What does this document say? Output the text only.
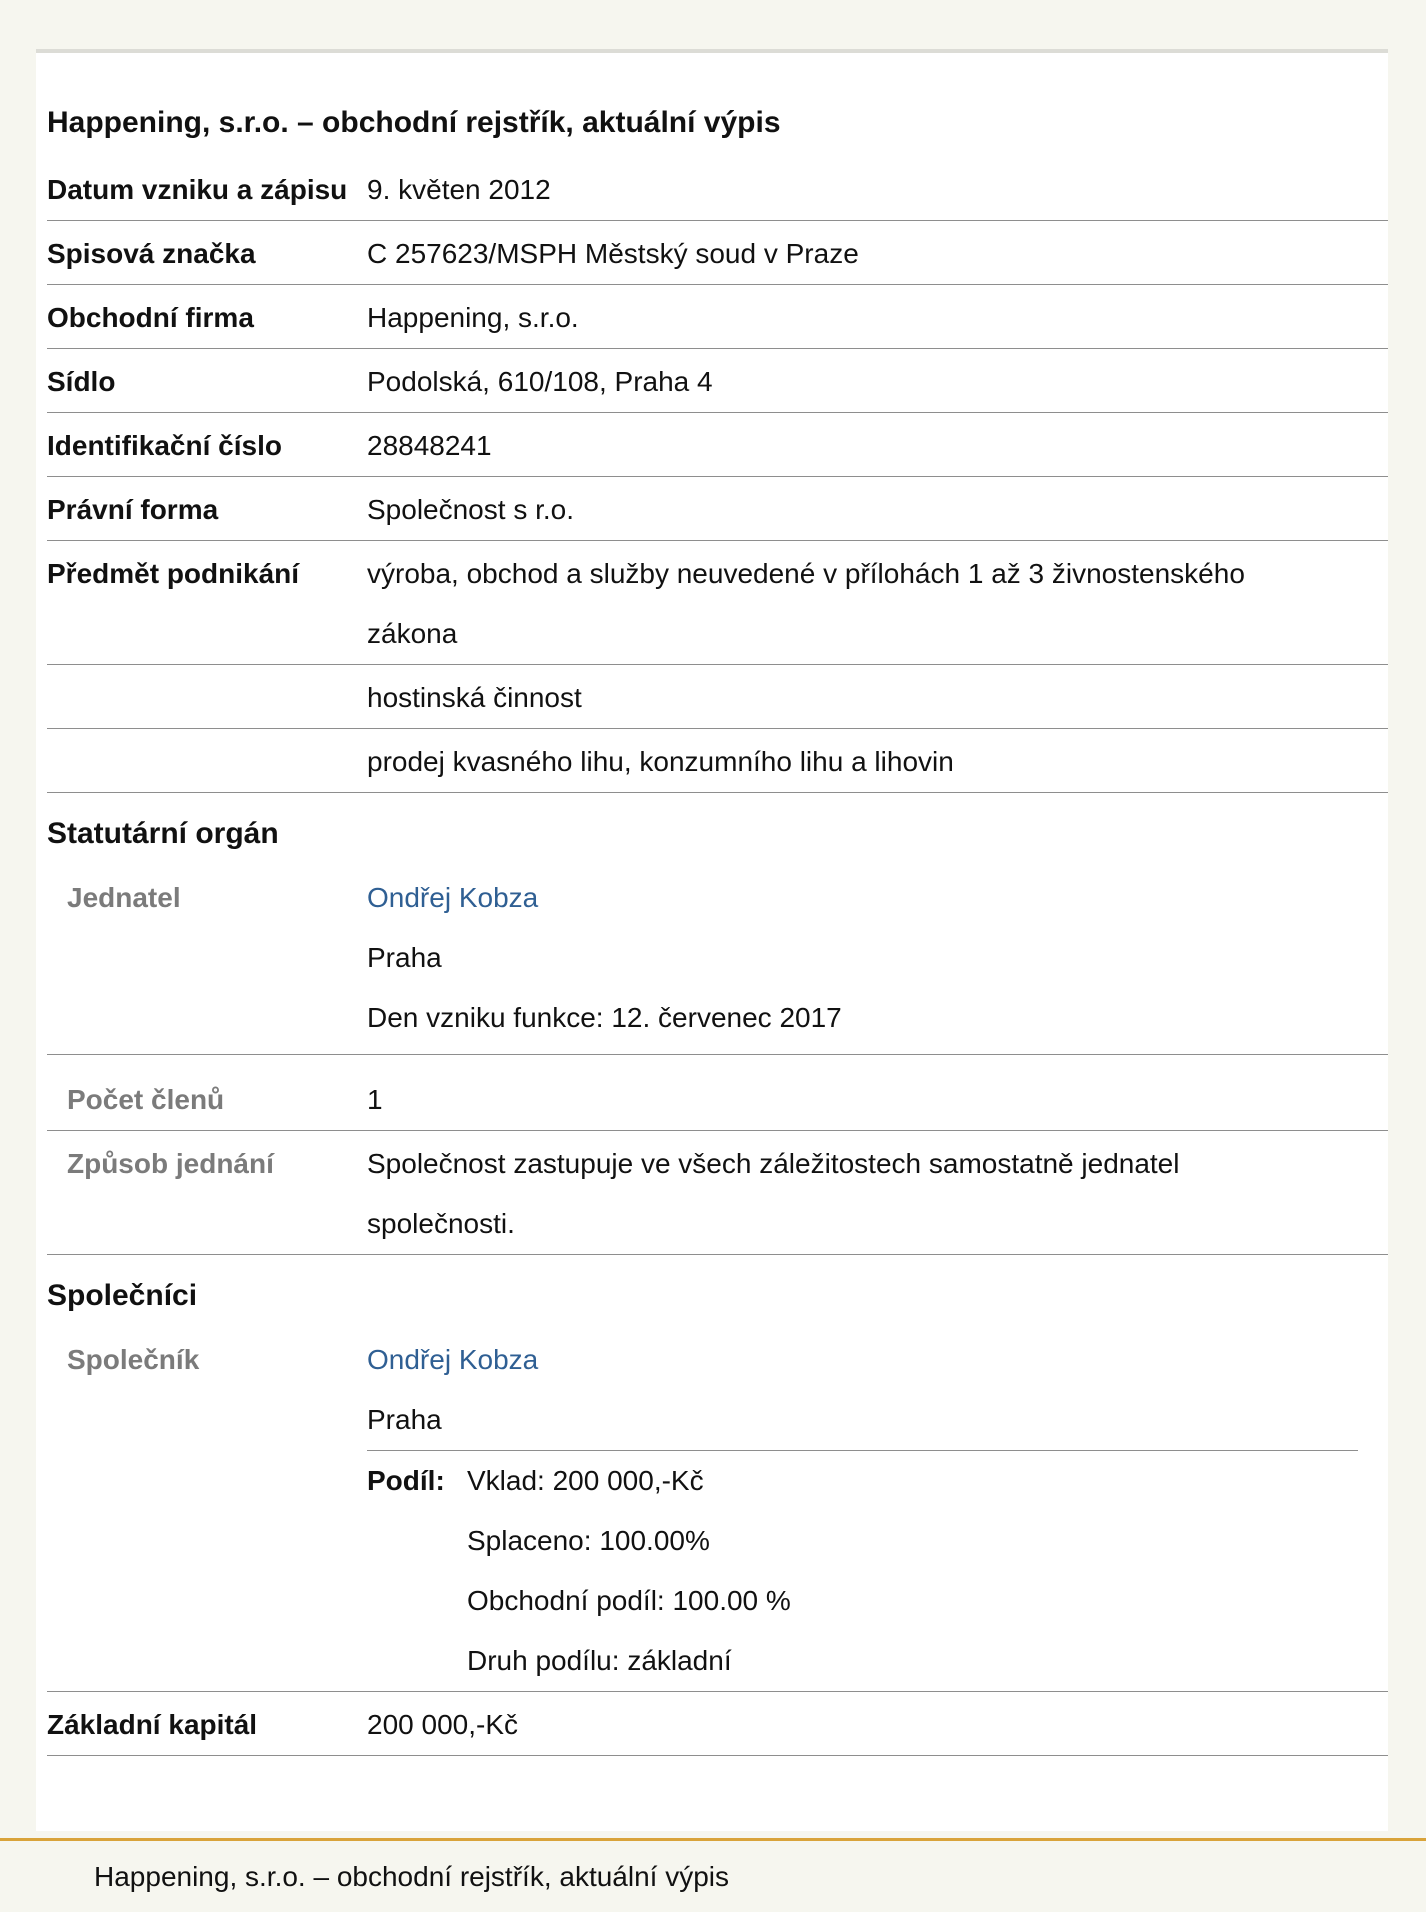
Happening, s.r.o. – obchodní rejstřík, aktuální výpis
Datum vzniku a zápisu 9. květen 2012
Spisová značka	C 257623/MSPH Městský soud v Praze
Obchodní firma	Happening, s.r.o.
Sídlo	Podolská, 610/108, Praha 4
Identifikační číslo	28848241
Právní forma	Společnost s r.o.
Předmět podnikání	výroba, obchod a služby neuvedené v přílohách 1 až 3 živnostenského zákona
hostinská činnost
prodej kvasného lihu, konzumního lihu a lihovin
Statutární orgán
Jednatel	Ondřej Kobza
Praha
Den vzniku funkce: 12. červenec 2017
Počet členů	1
Způsob jednání	Společnost zastupuje ve všech záležitostech samostatně jednatel společnosti.
Společníci
Společník	Ondřej Kobza
Praha
Podíl: Vklad: 200 000,-Kč
Splaceno: 100.00%
Obchodní podíl: 100.00 %
Druh podílu: základní
Základní kapitál	200 000,-Kč
Happening, s.r.o. – obchodní rejstřík, aktuální výpis
